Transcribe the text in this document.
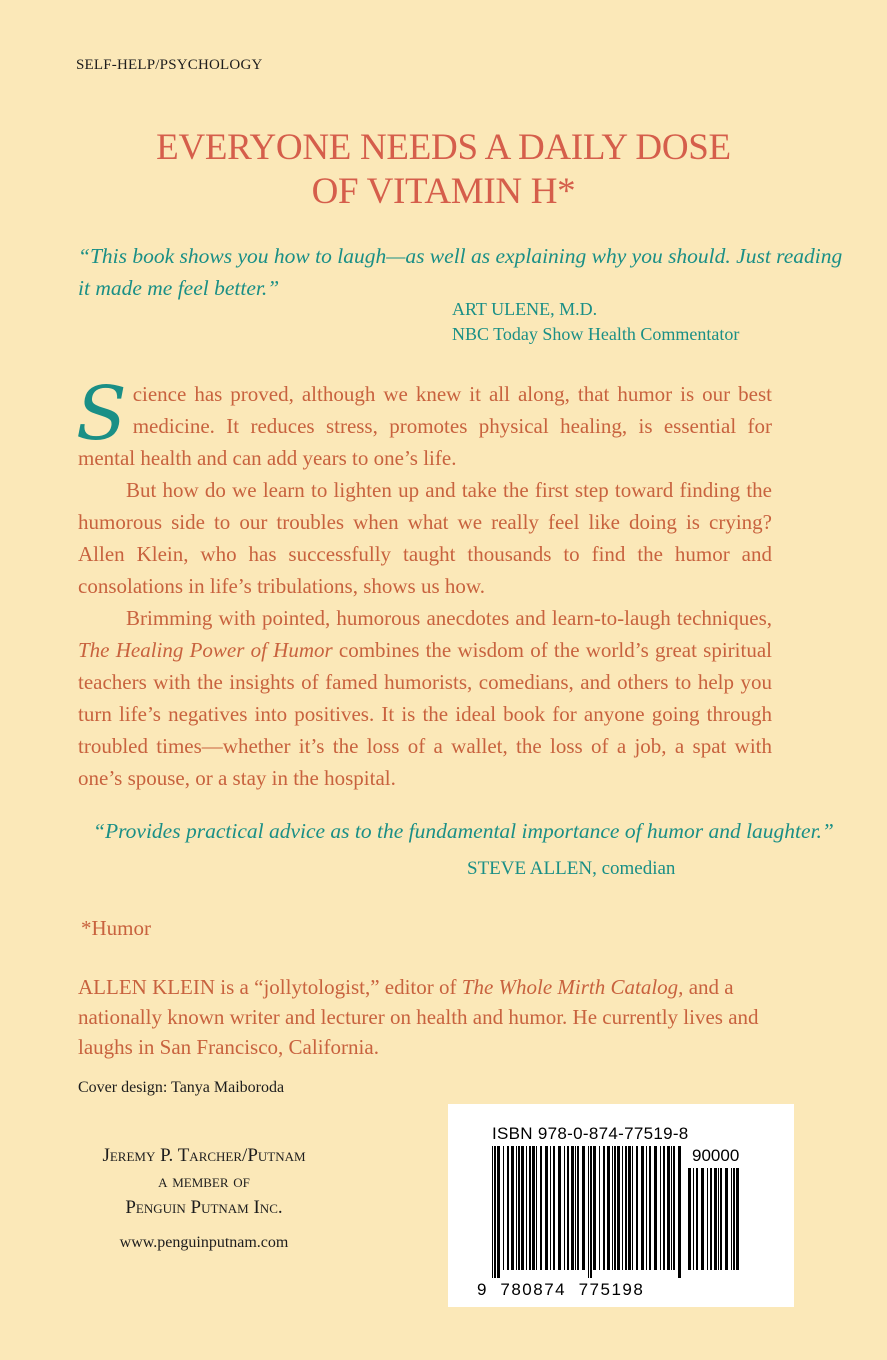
SELF-HELP/PSYCHOLOGY
EVERYONE NEEDS A DAILY DOSE
OF VITAMIN H*
“This book shows you how to laugh—as well as explaining why you should. Just reading it made me feel better.”
ART ULENE, M.D.
NBC Today Show Health Commentator

Science has proved, although we knew it all along, that humor is our best medicine. It reduces stress, promotes physical healing, is essential for mental health and can add years to one’s life.

But how do we learn to lighten up and take the first step toward finding the humorous side to our troubles when what we really feel like doing is crying? Allen Klein, who has successfully taught thousands to find the humor and consolations in life’s tribulations, shows us how.

Brimming with pointed, humorous anecdotes and learn-to-laugh techniques, The Healing Power of Humor combines the wisdom of the world’s great spiritual teachers with the insights of famed humorists, comedians, and others to help you turn life’s negatives into positives. It is the ideal book for anyone going through troubled times—whether it’s the loss of a wallet, the loss of a job, a spat with one’s spouse, or a stay in the hospital.

“Provides practical advice as to the fundamental importance of humor and laughter.”
STEVE ALLEN, comedian
*Humor
ALLEN KLEIN is a “jollytologist,” editor of The Whole Mirth Catalog, and a nationally known writer and lecturer on health and humor. He currently lives and laughs in San Francisco, California.
Cover design: Tanya Maiboroda
Jeremy P. Tarcher/Putnam
a member of
Penguin Putnam Inc.
www.penguinputnam.com
ISBN 978-0-874-77519-8
90000
9  780874  775198
